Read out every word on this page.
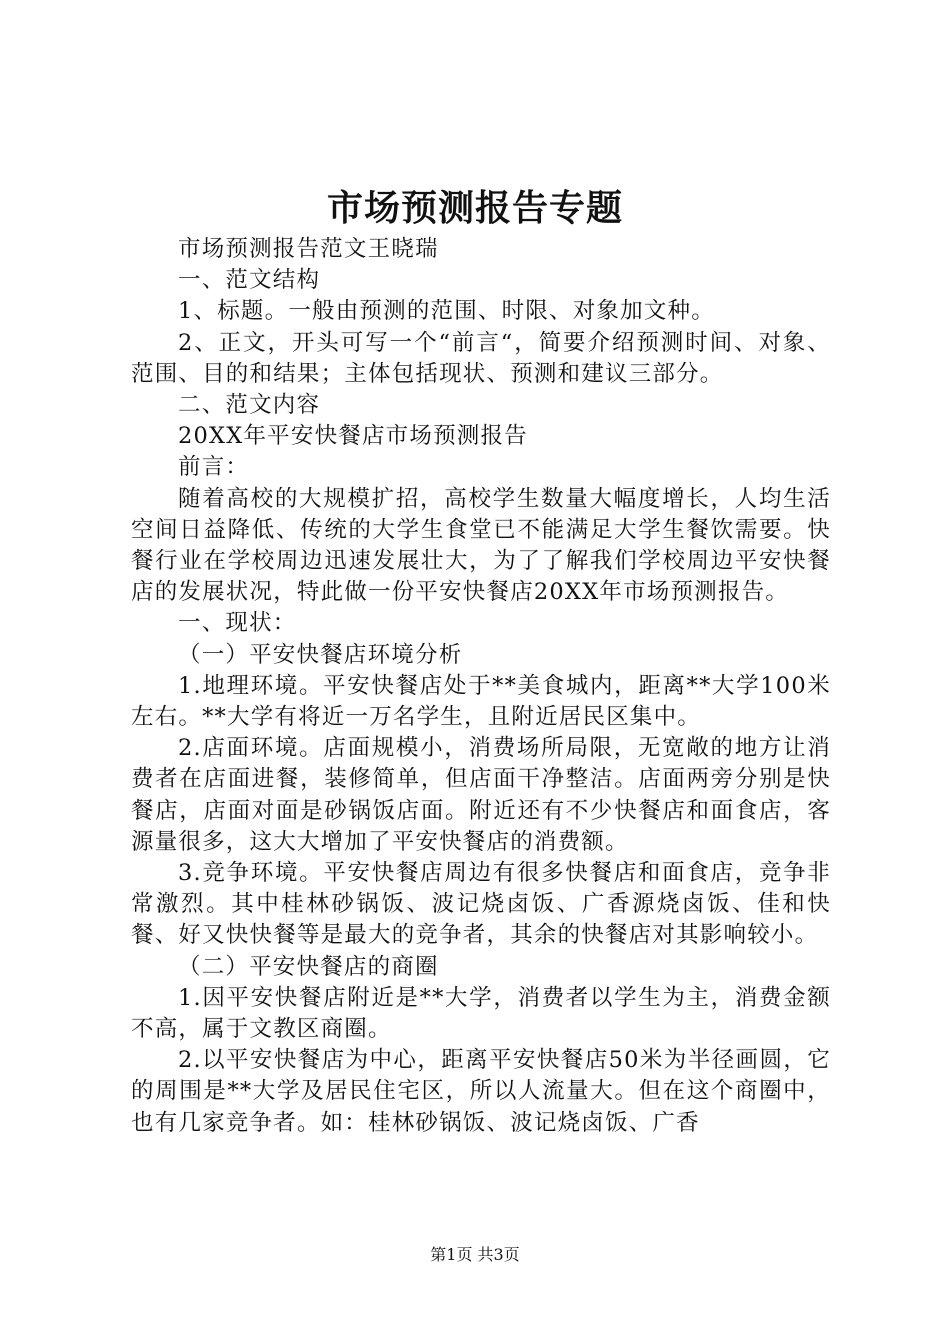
市场预测报告专题

市场预测报告范文王晓瑞

一、范文结构

1、标题。一般由预测的范围、时限、对象加文种。

2、正文，开头可写一个“前言“，简要介绍预测时间、对象、范围、目的和结果；主体包括现状、预测和建议三部分。

二、范文内容

20XX年平安快餐店市场预测报告

前言：

随着高校的大规模扩招，高校学生数量大幅度增长，人均生活空间日益降低、传统的大学生食堂已不能满足大学生餐饮需要。快餐行业在学校周边迅速发展壮大，为了了解我们学校周边平安快餐店的发展状况，特此做一份平安快餐店20XX年市场预测报告。

一、现状：

（一）平安快餐店环境分析

1.地理环境。平安快餐店处于**美食城内，距离**大学100米左右。**大学有将近一万名学生，且附近居民区集中。

2.店面环境。店面规模小，消费场所局限，无宽敞的地方让消费者在店面进餐，装修简单，但店面干净整洁。店面两旁分别是快餐店，店面对面是砂锅饭店面。附近还有不少快餐店和面食店，客源量很多，这大大增加了平安快餐店的消费额。

3.竞争环境。平安快餐店周边有很多快餐店和面食店，竞争非常激烈。其中桂林砂锅饭、波记烧卤饭、广香源烧卤饭、佳和快餐、好又快快餐等是最大的竞争者，其余的快餐店对其影响较小。

（二）平安快餐店的商圈

1.因平安快餐店附近是**大学，消费者以学生为主，消费金额不高，属于文教区商圈。

2.以平安快餐店为中心，距离平安快餐店50米为半径画圆，它的周围是**大学及居民住宅区，所以人流量大。但在这个商圈中，也有几家竞争者。如：桂林砂锅饭、波记烧卤饭、广香

第1页 共3页
